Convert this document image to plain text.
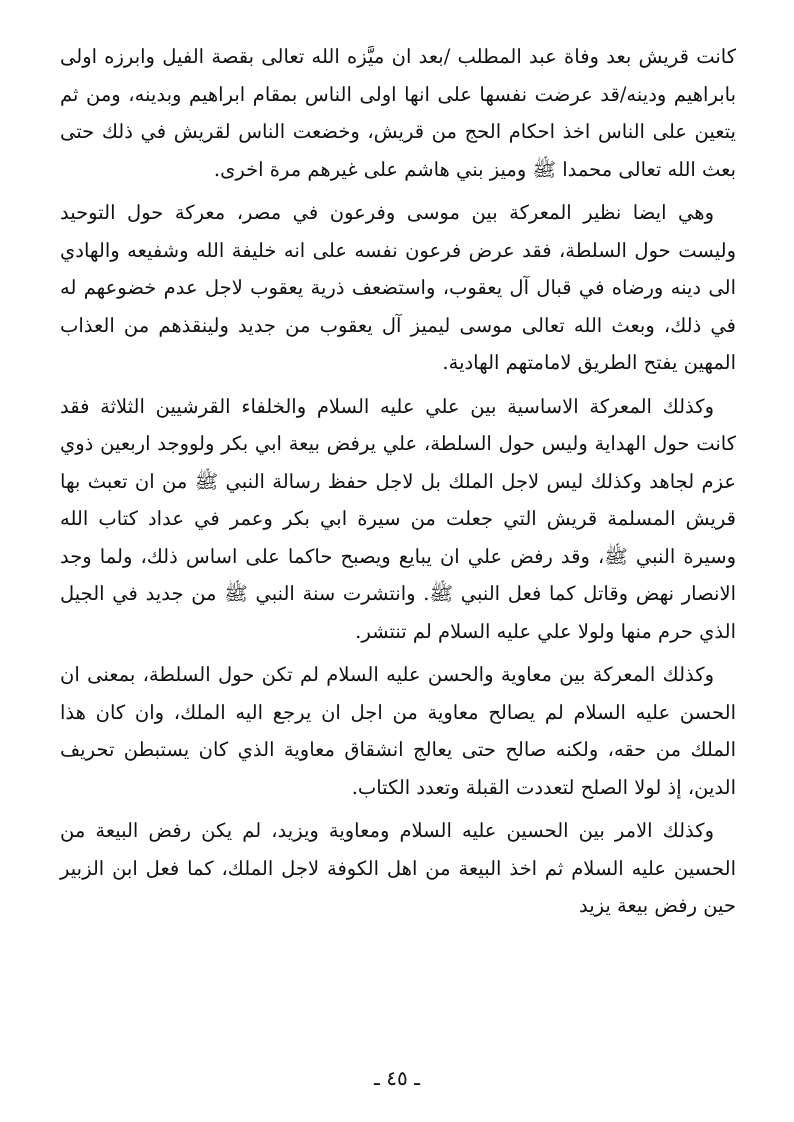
كانت قريش بعد وفاة عبد المطلب /بعد ان ميَّزه الله تعالى بقصة الفيل وابرزه اولى بابراهيم ودينه/قد عرضت نفسها على انها اولى الناس بمقام ابراهيم وبدينه، ومن ثم يتعين على الناس اخذ احكام الحج من قريش، وخضعت الناس لقريش في ذلك حتى بعث الله تعالى محمدا ﷺ وميز بني هاشم على غيرهم مرة اخرى.

وهي ايضا نظير المعركة بين موسى وفرعون في مصر، معركة حول التوحيد وليست حول السلطة، فقد عرض فرعون نفسه على انه خليفة الله وشفيعه والهادي الى دينه ورضاه في قبال آل يعقوب، واستضعف ذرية يعقوب لاجل عدم خضوعهم له في ذلك، وبعث الله تعالى موسى ليميز آل يعقوب من جديد ولينقذهم من العذاب المهين يفتح الطريق لامامتهم الهادية.

وكذلك المعركة الاساسية بين علي عليه السلام والخلفاء القرشيين الثلاثة فقد كانت حول الهداية وليس حول السلطة، علي يرفض بيعة ابي بكر ولووجد اربعين ذوي عزم لجاهد وكذلك ليس لاجل الملك بل لاجل حفظ رسالة النبي ﷺ من ان تعبث بها قريش المسلمة قريش التي جعلت من سيرة ابي بكر وعمر في عداد كتاب الله وسيرة النبي ﷺ، وقد رفض علي ان يبايع ويصبح حاكما على اساس ذلك، ولما وجد الانصار نهض وقاتل كما فعل النبي ﷺ. وانتشرت سنة النبي ﷺ من جديد في الجيل الذي حرم منها ولولا علي عليه السلام لم تنتشر.

وكذلك المعركة بين معاوية والحسن عليه السلام لم تكن حول السلطة، بمعنى ان الحسن عليه السلام لم يصالح معاوية من اجل ان يرجع اليه الملك، وان كان هذا الملك من حقه، ولكنه صالح حتى يعالج انشقاق معاوية الذي كان يستبطن تحريف الدين، إذ لولا الصلح لتعددت القبلة وتعدد الكتاب.

وكذلك الامر بين الحسين عليه السلام ومعاوية ويزيد، لم يكن رفض البيعة من الحسين عليه السلام ثم اخذ البيعة من اهل الكوفة لاجل الملك، كما فعل ابن الزبير حين رفض بيعة يزيد

ـ ٤٥ ـ
